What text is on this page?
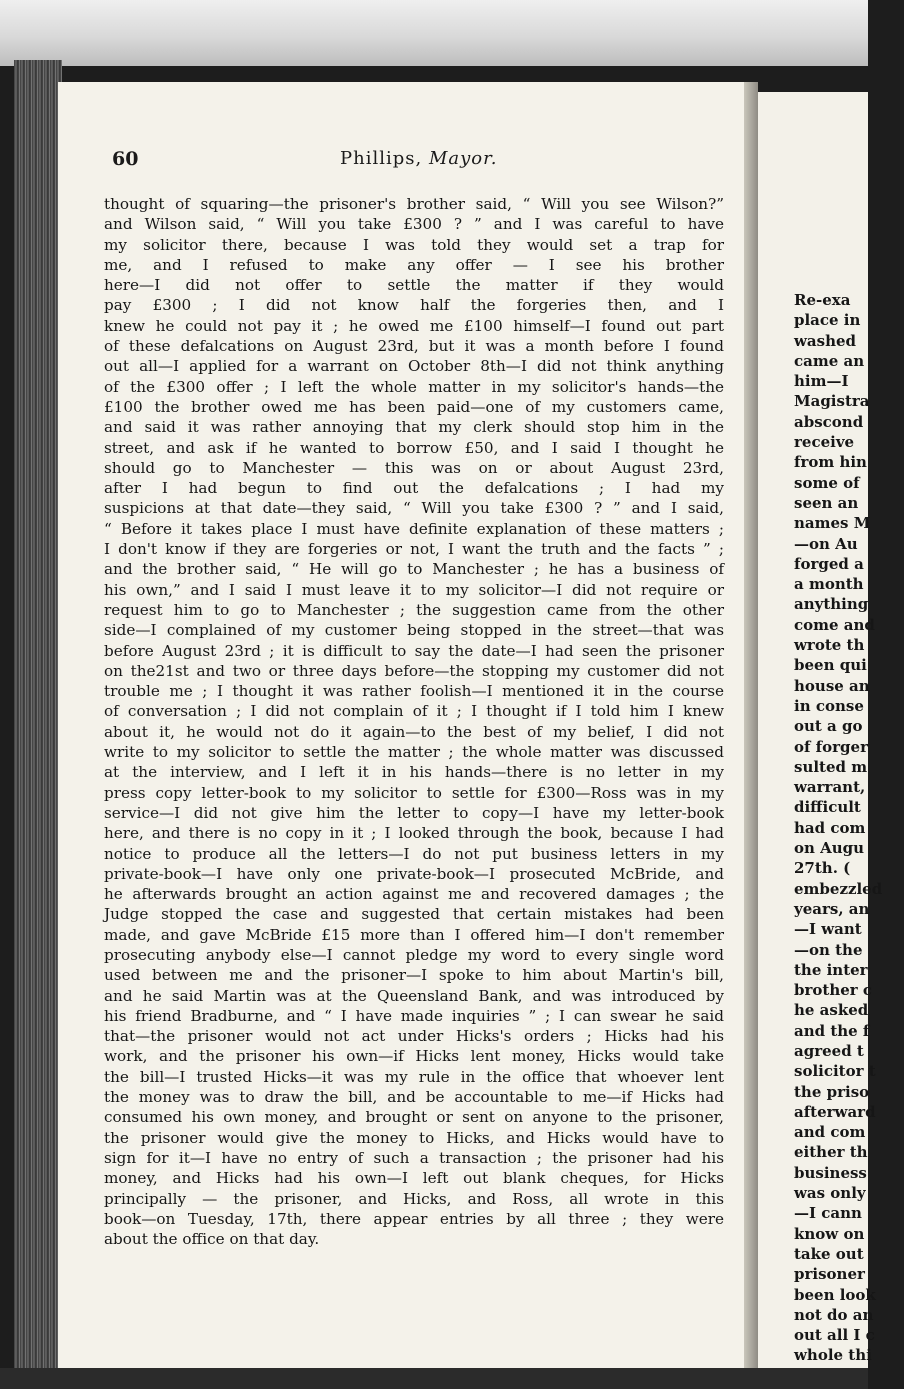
60	Phillips, Mayor.
thought of squaring—the prisoner's brother said, “ Will you see Wilson?”
and Wilson said, “ Will you take £300 ? ” and I was careful to have
my solicitor there, because I was told they would set a trap for
me, and I refused to make any offer — I see his brother
here—I did not offer to settle the matter if they would
pay £300 ; I did not know half the forgeries then, and I
knew he could not pay it ; he owed me £100 himself—I found out part
of these defalcations on August 23rd, but it was a month before I found
out all—I applied for a warrant on October 8th—I did not think anything
of the £300 offer ; I left the whole matter in my solicitor's hands—the
£100 the brother owed me has been paid—one of my customers came,
and said it was rather annoying that my clerk should stop him in the
street, and ask if he wanted to borrow £50, and I said I thought he
should go to Manchester — this was on or about August 23rd,
after I had begun to find out the defalcations ; I had my
suspicions at that date—they said, “ Will you take £300 ? ” and I said,
“ Before it takes place I must have definite explanation of these matters ;
I don't know if they are forgeries or not, I want the truth and the facts ” ;
and the brother said, “ He will go to Manchester ; he has a business of
his own,” and I said I must leave it to my solicitor—I did not require or
request him to go to Manchester ; the suggestion came from the other
side—I complained of my customer being stopped in the street—that was
before August 23rd ; it is difficult to say the date—I had seen the prisoner
on the21st and two or three days before—the stopping my customer did not
trouble me ; I thought it was rather foolish—I mentioned it in the course
of conversation ; I did not complain of it ; I thought if I told him I knew
about it, he would not do it again—to the best of my belief, I did not
write to my solicitor to settle the matter ; the whole matter was discussed
at the interview, and I left it in his hands—there is no letter in my
press copy letter-book to my solicitor to settle for £300—Ross was in my
service—I did not give him the letter to copy—I have my letter-book
here, and there is no copy in it ; I looked through the book, because I had
notice to produce all the letters—I do not put business letters in my
private-book—I have only one private-book—I prosecuted McBride, and
he afterwards brought an action against me and recovered damages ; the
Judge stopped the case and suggested that certain mistakes had been
made, and gave McBride £15 more than I offered him—I don't remember
prosecuting anybody else—I cannot pledge my word to every single word
used between me and the prisoner—I spoke to him about Martin's bill,
and he said Martin was at the Queensland Bank, and was introduced by
his friend Bradburne, and “ I have made inquiries ” ; I can swear he said
that—the prisoner would not act under Hicks's orders ; Hicks had his
work, and the prisoner his own—if Hicks lent money, Hicks would take
the bill—I trusted Hicks—it was my rule in the office that whoever lent
the money was to draw the bill, and be accountable to me—if Hicks had
consumed his own money, and brought or sent on anyone to the prisoner,
the prisoner would give the money to Hicks, and Hicks would have to
sign for it—I have no entry of such a transaction ; the prisoner had his
money, and Hicks had his own—I left out blank cheques, for Hicks
principally — the prisoner, and Hicks, and Ross, all wrote in this
book—on Tuesday, 17th, there appear entries by all three ; they were
about the office on that day.
Re-exa
place in
washed
came an
him—I
Magistra
abscond
receive
from hin
some of
seen an
names M
—on Au
forged a
a month
anything
come and
wrote th
been qui
house an
in conse
out a go
of forger
sulted m
warrant,
difficult
had com
on Augu
27th. (
embezzled
years, an
—I want
—on the
the inter
brother c
he asked
and the f
agreed t
solicitor t
the priso
afterward
and com
either th
business
was only
—I cann
know on
take out
prisoner
been look
not do an
out all I c
whole thi
